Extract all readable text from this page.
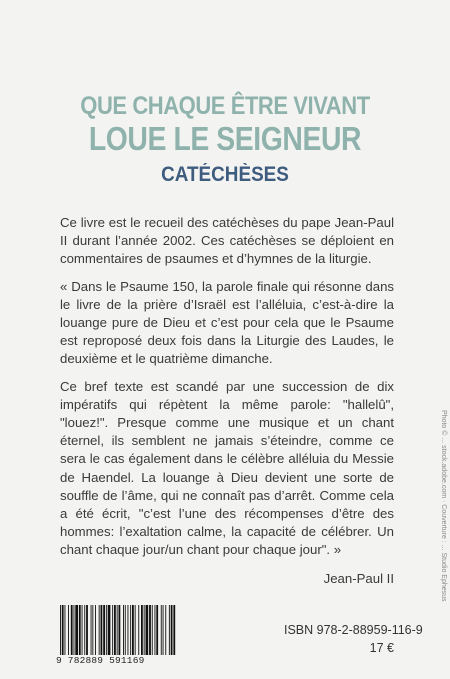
QUE CHAQUE ÊTRE VIVANT
LOUE LE SEIGNEUR
CATÉCHÈSES

Ce livre est le recueil des catéchèses du pape Jean-Paul II durant l’année 2002. Ces catéchèses se déploient en commentaires de psaumes et d’hymnes de la liturgie.

« Dans le Psaume 150, la parole finale qui résonne dans le livre de la prière d’Israël est l’alléluia, c’est-à-dire la louange pure de Dieu et c’est pour cela que le Psaume est reproposé deux fois dans la Liturgie des Laudes, le deuxième et le quatrième dimanche.

Ce bref texte est scandé par une succession de dix impératifs qui répètent la même parole: "hallelû", "louez!". Presque comme une musique et un chant éternel, ils semblent ne jamais s’éteindre, comme ce sera le cas également dans le célèbre alléluia du Messie de Haendel. La louange à Dieu devient une sorte de souffle de l’âme, qui ne connaît pas d’arrêt. Comme cela a été écrit, "c’est l’une des récompenses d’être des hommes: l’exaltation calme, la capacité de célébrer. Un chant chaque jour/un chant pour chaque jour". »

Jean-Paul II
9 782889 591169
ISBN 978-2-88959-116-9
17 €
Photo © ... stock.adobe.com · Couverture : ... Studio Ephesus
